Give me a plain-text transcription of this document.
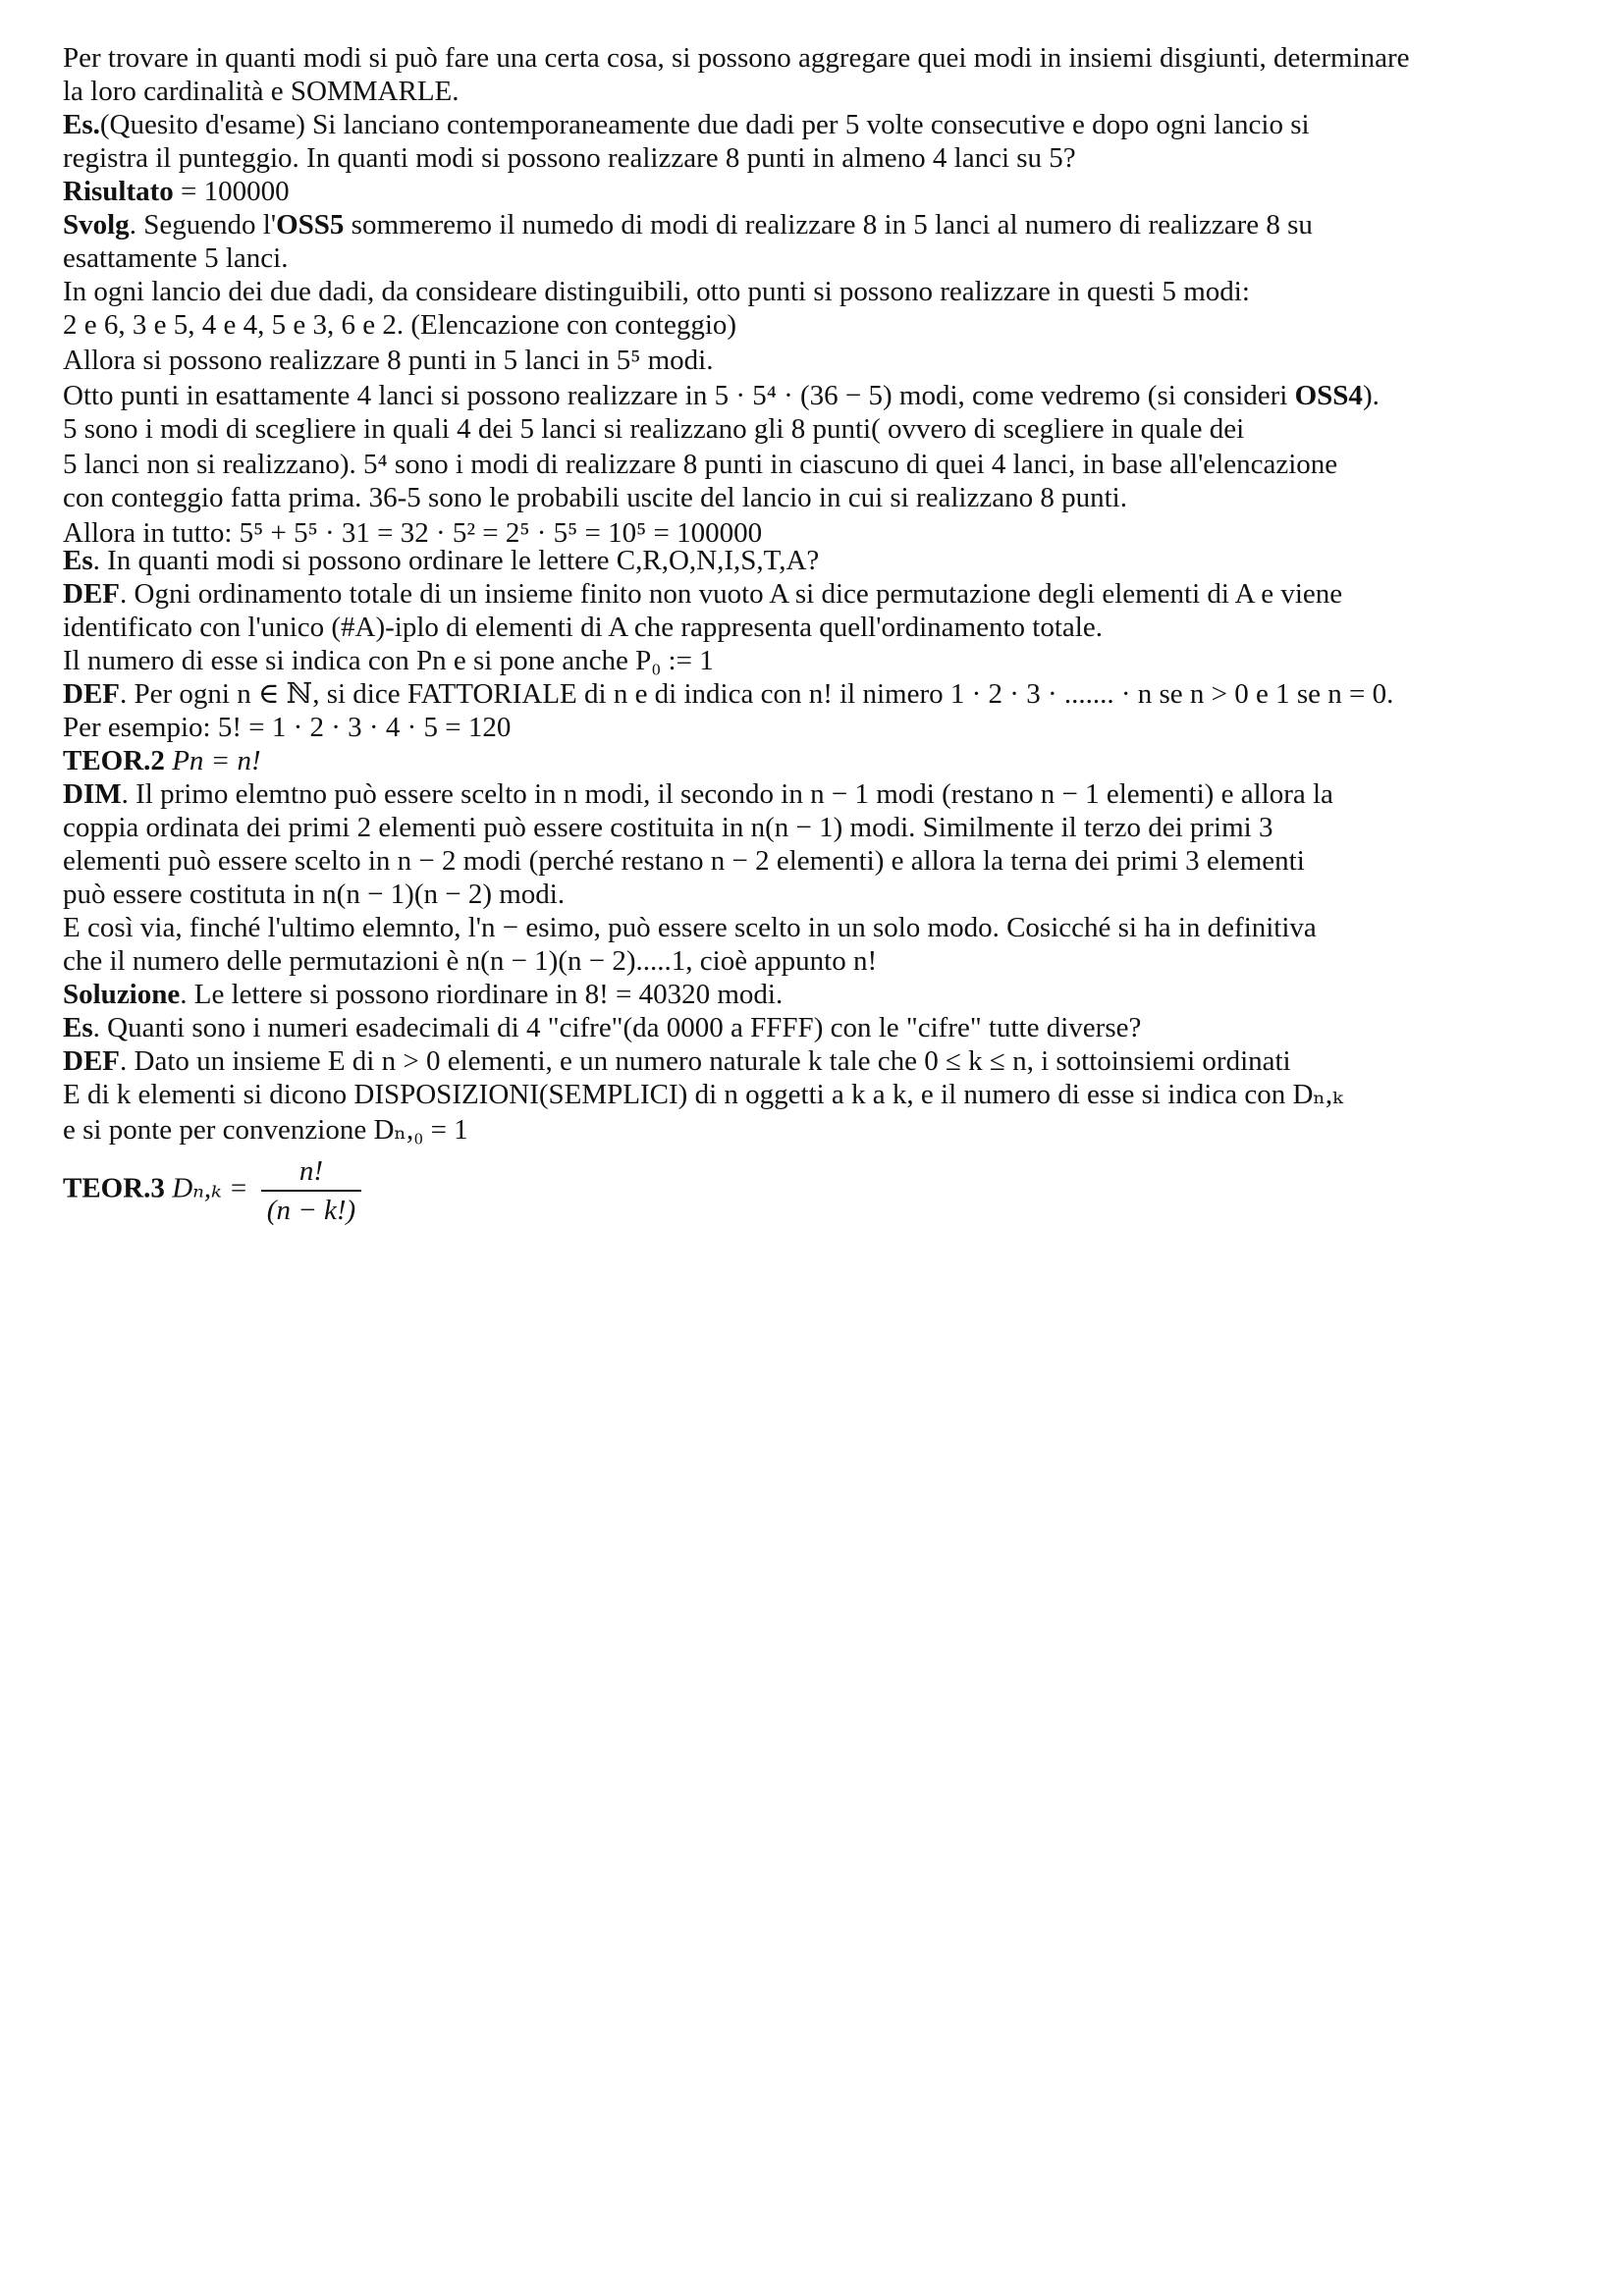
Per trovare in quanti modi si può fare una certa cosa, si possono aggregare quei modi in insiemi disgiunti, determinare
la loro cardinalità e SOMMARLE.
Es.(Quesito d'esame) Si lanciano contemporaneamente due dadi per 5 volte consecutive e dopo ogni lancio si
registra il punteggio. In quanti modi si possono realizzare 8 punti in almeno 4 lanci su 5?
Risultato = 100000
Svolg. Seguendo l'OSS5 sommeremo il numedo di modi di realizzare 8 in 5 lanci al numero di realizzare 8 su
esattamente 5 lanci.
In ogni lancio dei due dadi, da consideare distinguibili, otto punti si possono realizzare in questi 5 modi:
2 e 6, 3 e 5, 4 e 4, 5 e 3, 6 e 2. (Elencazione con conteggio)
Allora si possono realizzare 8 punti in 5 lanci in 5⁵ modi.
Otto punti in esattamente 4 lanci si possono realizzare in 5 · 5⁴ · (36 − 5) modi, come vedremo (si consideri OSS4).
5 sono i modi di scegliere in quali 4 dei 5 lanci si realizzano gli 8 punti( ovvero di scegliere in quale dei
5 lanci non si realizzano). 5⁴ sono i modi di realizzare 8 punti in ciascuno di quei 4 lanci, in base all'elencazione
con conteggio fatta prima. 36-5 sono le probabili uscite del lancio in cui si realizzano 8 punti.
Allora in tutto: 5⁵ + 5⁵ · 31 = 32 · 5² = 2⁵ · 5⁵ = 10⁵ = 100000
Es. In quanti modi si possono ordinare le lettere C,R,O,N,I,S,T,A?
DEF. Ogni ordinamento totale di un insieme finito non vuoto A si dice permutazione degli elementi di A e viene
identificato con l'unico (#A)-iplo di elementi di A che rappresenta quell'ordinamento totale.
Il numero di esse si indica con Pn e si pone anche P₀ := 1
DEF. Per ogni n ∈ ℕ, si dice FATTORIALE di n e di indica con n! il nimero 1 · 2 · 3 · ....... · n se n > 0 e 1 se n = 0.
Per esempio: 5! = 1 · 2 · 3 · 4 · 5 = 120
TEOR.2 Pn = n!
DIM. Il primo elemtno può essere scelto in n modi, il secondo in n − 1 modi (restano n − 1 elementi) e allora la
coppia ordinata dei primi 2 elementi può essere costituita in n(n − 1) modi. Similmente il terzo dei primi 3
elementi può essere scelto in n − 2 modi (perché restano n − 2 elementi) e allora la terna dei primi 3 elementi
può essere costituta in n(n − 1)(n − 2) modi.
E così via, finché l'ultimo elemnto, l'n − esimo, può essere scelto in un solo modo. Cosicché si ha in definitiva
che il numero delle permutazioni è n(n − 1)(n − 2).....1, cioè appunto n!
Soluzione. Le lettere si possono riordinare in 8! = 40320 modi.
Es. Quanti sono i numeri esadecimali di 4 "cifre"(da 0000 a FFFF) con le "cifre" tutte diverse?
DEF. Dato un insieme E di n > 0 elementi, e un numero naturale k tale che 0 ≤ k ≤ n, i sottoinsiemi ordinati
E di k elementi si dicono DISPOSIZIONI(SEMPLICI) di n oggetti a k a k, e il numero di esse si indica con Dₙ,ₖ
e si ponte per convenzione Dₙ,₀ = 1
TEOR.3 $D_n,_k = \frac{n!}{(n - k!)}$
